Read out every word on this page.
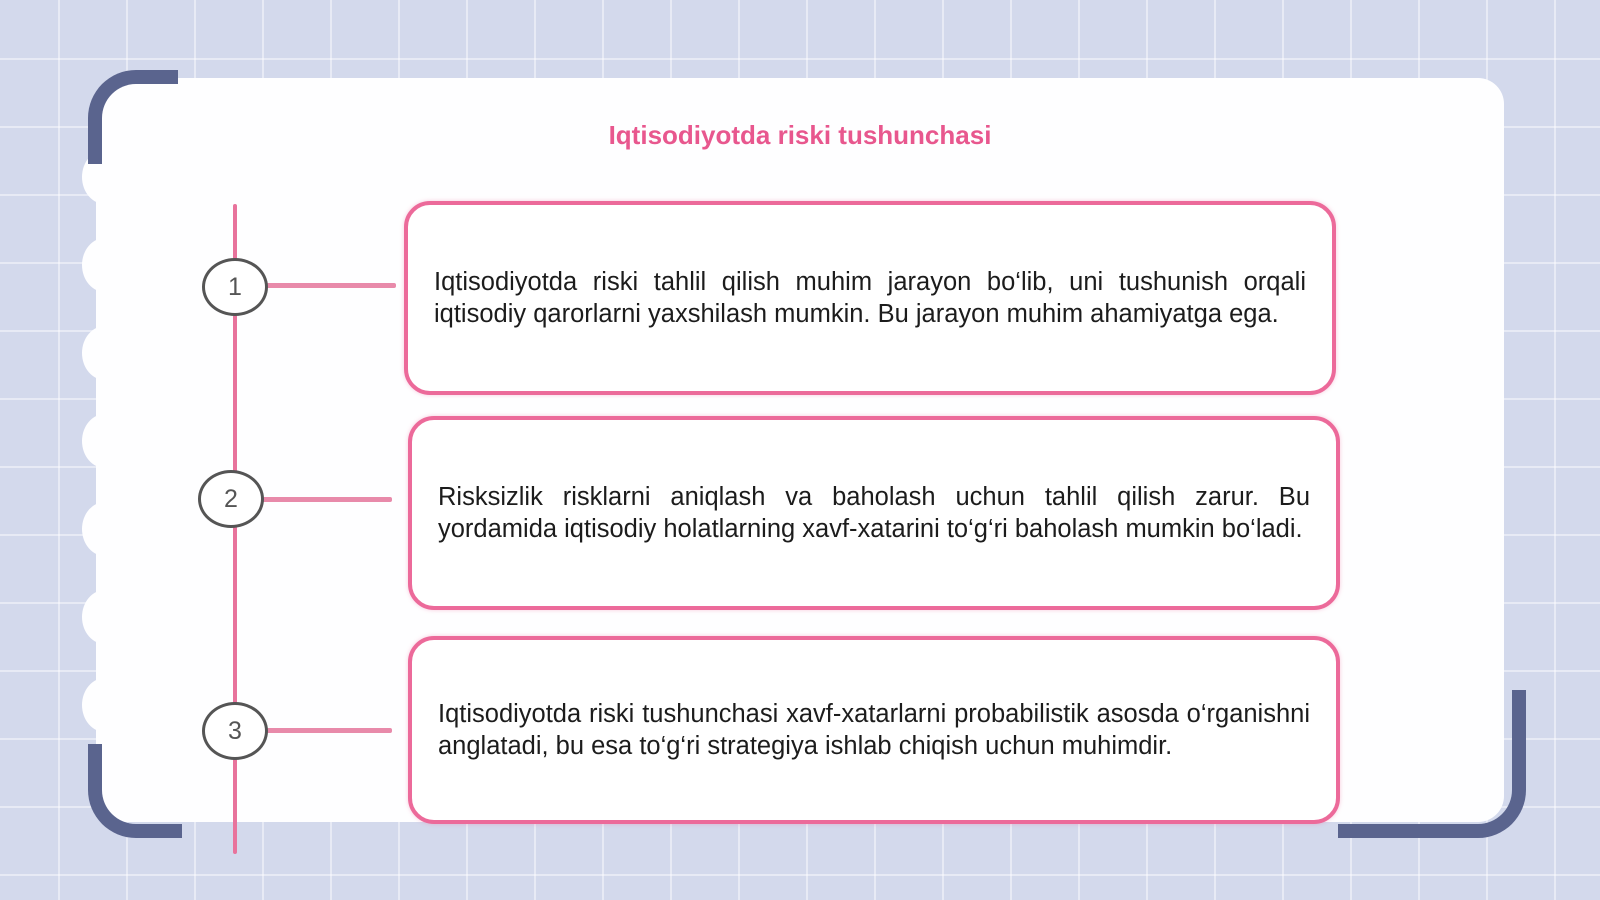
Iqtisodiyotda riski tushunchasi
1
2
3

Iqtisodiyotda riski tahlil qilish muhim jarayon bo‘lib, uni tushunish orqali iqtisodiy qarorlarni yaxshilash mumkin. Bu jarayon muhim ahamiyatga ega.

Risksizlik risklarni aniqlash va baholash uchun tahlil qilish zarur. Bu yordamida iqtisodiy holatlarning xavf-xatarini to‘g‘ri baholash mumkin bo‘ladi.

Iqtisodiyotda riski tushunchasi xavf-xatarlarni probabilistik asosda o‘rganishni anglatadi, bu esa to‘g‘ri strategiya ishlab chiqish uchun muhimdir.
